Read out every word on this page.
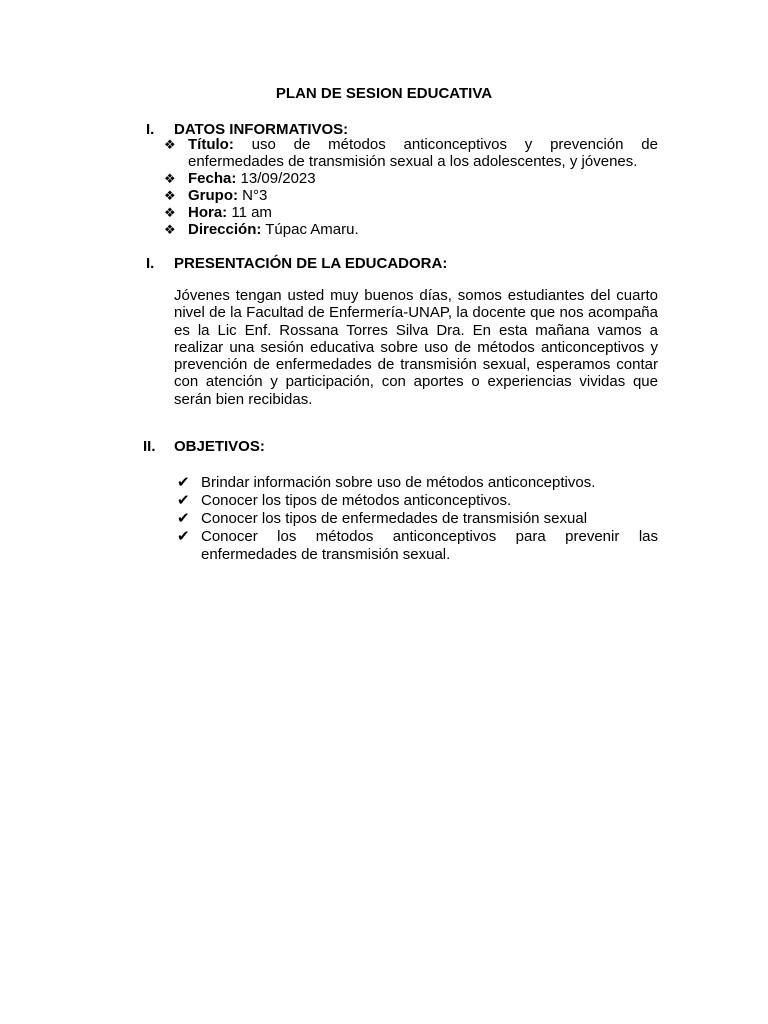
PLAN DE SESION EDUCATIVA
I. DATOS INFORMATIVOS:
❖ Título: uso de métodos anticonceptivos y prevención de enfermedades de transmisión sexual a los adolescentes, y jóvenes.
❖ Fecha: 13/09/2023
❖ Grupo: N°3
❖ Hora: 11 am
❖ Dirección: Túpac Amaru.
I. PRESENTACIÓN DE LA EDUCADORA:

Jóvenes tengan usted muy buenos días, somos estudiantes del cuarto nivel de la Facultad de Enfermería-UNAP, la docente que nos acompaña es la Lic Enf. Rossana Torres Silva Dra. En esta mañana vamos a realizar una sesión educativa sobre uso de métodos anticonceptivos y prevención de enfermedades de transmisión sexual, esperamos contar con atención y participación, con aportes o experiencias vividas que serán bien recibidas.

II. OBJETIVOS:
✔ Brindar información sobre uso de métodos anticonceptivos.
✔ Conocer los tipos de métodos anticonceptivos.
✔ Conocer los tipos de enfermedades de transmisión sexual
✔ Conocer los métodos anticonceptivos para prevenir las enfermedades de transmisión sexual.
